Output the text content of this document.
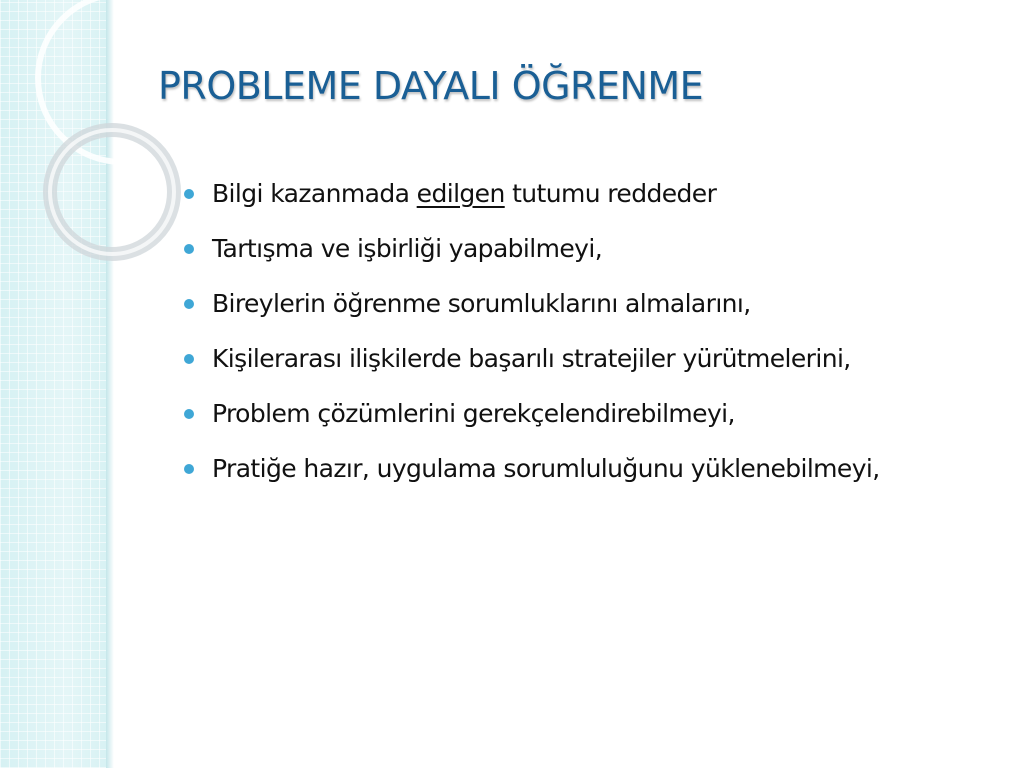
PROBLEME DAYALI ÖĞRENME
Bilgi kazanmada edilgen tutumu reddeder
Tartışma ve işbirliği yapabilmeyi,
Bireylerin öğrenme sorumluklarını almalarını,
Kişilerarası ilişkilerde başarılı stratejiler yürütmelerini,
Problem çözümlerini gerekçelendirebilmeyi,
Pratiğe hazır, uygulama sorumluluğunu yüklenebilmeyi,
